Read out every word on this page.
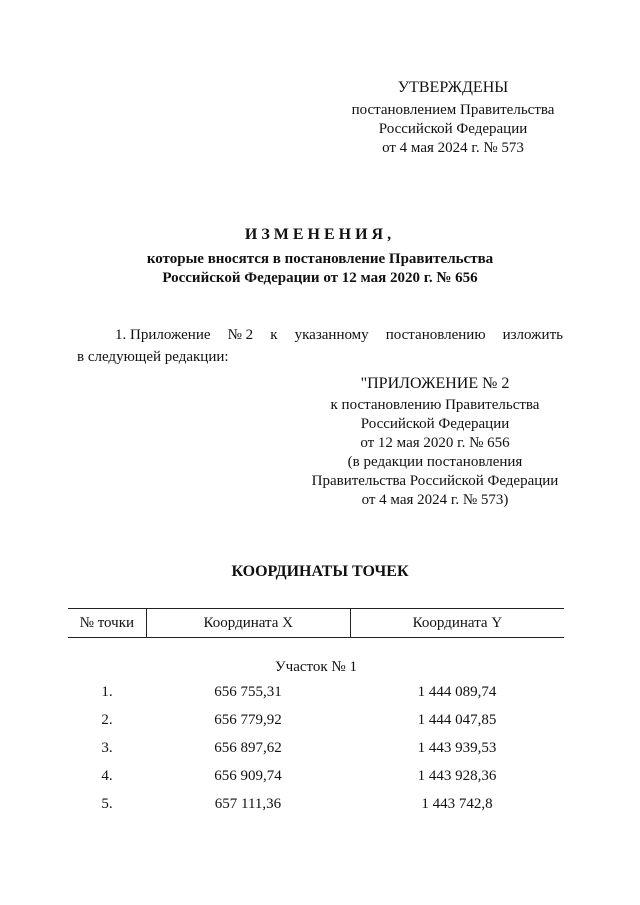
УТВЕРЖДЕНЫ
постановлением Правительства
Российской Федерации
от 4 мая 2024 г. № 573
ИЗМЕНЕНИЯ,
которые вносятся в постановление Правительства
Российской Федерации от 12 мая 2020 г. № 656
1. Приложение № 2 к указанному постановлению изложить
в следующей редакции:
"ПРИЛОЖЕНИЕ № 2
к постановлению Правительства
Российской Федерации
от 12 мая 2020 г. № 656
(в редакции постановления
Правительства Российской Федерации
от 4 мая 2024 г. № 573)
КООРДИНАТЫ ТОЧЕК
№ точки	Координата X	Координата Y
Участок № 1
1.	656 755,31	1 444 089,74
2.	656 779,92	1 444 047,85
3.	656 897,62	1 443 939,53
4.	656 909,74	1 443 928,36
5.	657 111,36	1 443 742,8
